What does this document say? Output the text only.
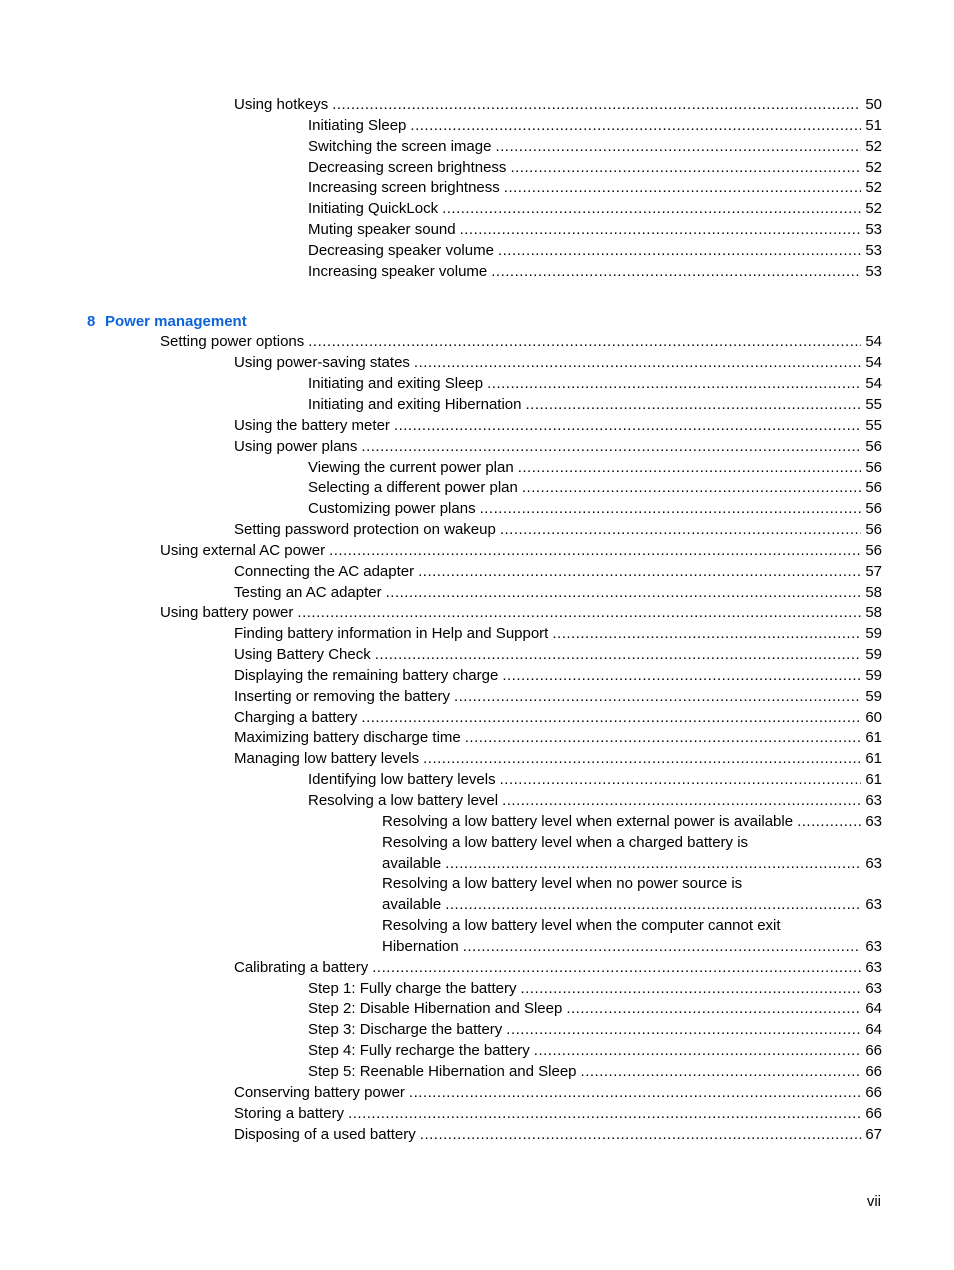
Using hotkeys .....	50
Initiating Sleep .....	51
Switching the screen image .....	52
Decreasing screen brightness .....	52
Increasing screen brightness .....	52
Initiating QuickLock .....	52
Muting speaker sound .....	53
Decreasing speaker volume .....	53
Increasing speaker volume .....	53
8 Power management
Setting power options .....	54
Using power-saving states .....	54
Initiating and exiting Sleep .....	54
Initiating and exiting Hibernation .....	55
Using the battery meter .....	55
Using power plans .....	56
Viewing the current power plan .....	56
Selecting a different power plan .....	56
Customizing power plans .....	56
Setting password protection on wakeup .....	56
Using external AC power .....	56
Connecting the AC adapter .....	57
Testing an AC adapter .....	58
Using battery power .....	58
Finding battery information in Help and Support .....	59
Using Battery Check .....	59
Displaying the remaining battery charge .....	59
Inserting or removing the battery .....	59
Charging a battery .....	60
Maximizing battery discharge time .....	61
Managing low battery levels .....	61
Identifying low battery levels .....	61
Resolving a low battery level .....	63
Resolving a low battery level when external power is available .....	63
Resolving a low battery level when a charged battery is
available .....	63
Resolving a low battery level when no power source is
available .....	63
Resolving a low battery level when the computer cannot exit
Hibernation .....	63
Calibrating a battery .....	63
Step 1: Fully charge the battery .....	63
Step 2: Disable Hibernation and Sleep .....	64
Step 3: Discharge the battery .....	64
Step 4: Fully recharge the battery .....	66
Step 5: Reenable Hibernation and Sleep .....	66
Conserving battery power .....	66
Storing a battery .....	66
Disposing of a used battery .....	67
vii
